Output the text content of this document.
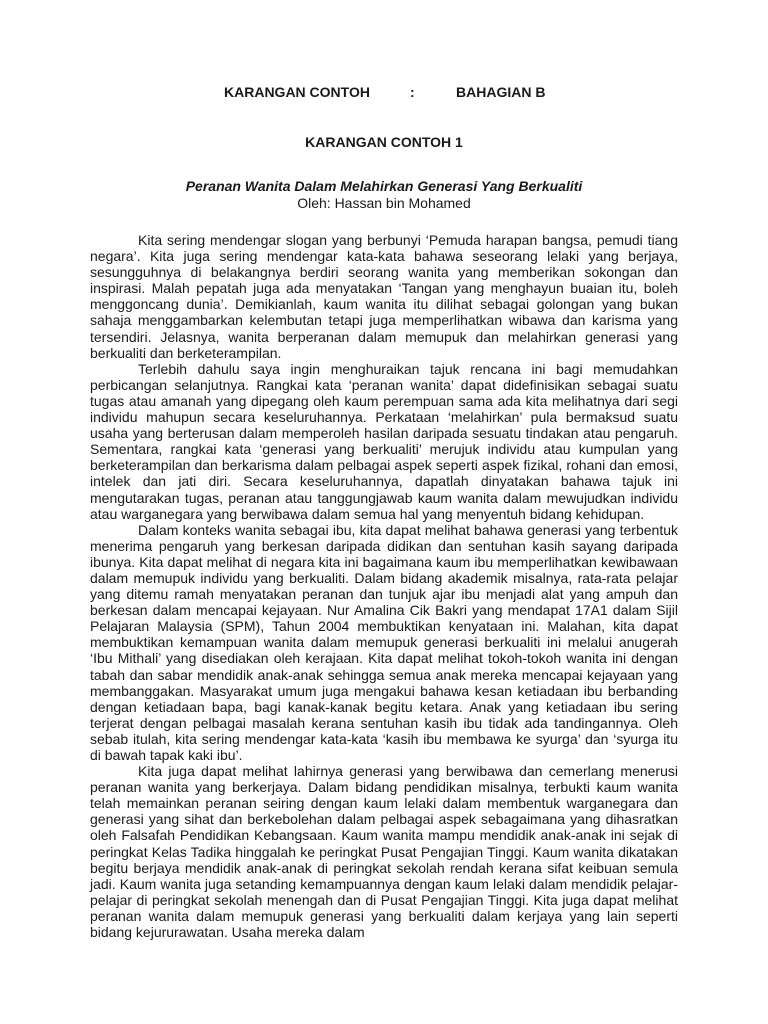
KARANGAN CONTOH	:	BAHAGIAN B
KARANGAN CONTOH 1
Peranan Wanita Dalam Melahirkan Generasi Yang Berkualiti
Oleh: Hassan bin Mohamed

Kita sering mendengar slogan yang berbunyi ‘Pemuda harapan bangsa, pemudi tiang negara’. Kita juga sering mendengar kata-kata bahawa seseorang lelaki yang berjaya, sesungguhnya di belakangnya berdiri seorang wanita yang memberikan sokongan dan inspirasi. Malah pepatah juga ada menyatakan ‘Tangan yang menghayun buaian itu, boleh menggoncang dunia’. Demikianlah, kaum wanita itu dilihat sebagai golongan yang bukan sahaja menggambarkan kelembutan tetapi juga memperlihatkan wibawa dan karisma yang tersendiri. Jelasnya, wanita berperanan dalam memupuk dan melahirkan generasi yang berkualiti dan berketerampilan.

Terlebih dahulu saya ingin menghuraikan tajuk rencana ini bagi memudahkan perbicangan selanjutnya. Rangkai kata ‘peranan wanita’ dapat didefinisikan sebagai suatu tugas atau amanah yang dipegang oleh kaum perempuan sama ada kita melihatnya dari segi individu mahupun secara keseluruhannya. Perkataan ‘melahirkan’ pula bermaksud suatu usaha yang berterusan dalam memperoleh hasilan daripada sesuatu tindakan atau pengaruh. Sementara, rangkai kata ‘generasi yang berkualiti’ merujuk individu atau kumpulan yang berketerampilan dan berkarisma dalam pelbagai aspek seperti aspek fizikal, rohani dan emosi, intelek dan jati diri. Secara keseluruhannya, dapatlah dinyatakan bahawa tajuk ini mengutarakan tugas, peranan atau tanggungjawab kaum wanita dalam mewujudkan individu atau warganegara yang berwibawa dalam semua hal yang menyentuh bidang kehidupan.

Dalam konteks wanita sebagai ibu, kita dapat melihat bahawa generasi yang terbentuk menerima pengaruh yang berkesan daripada didikan dan sentuhan kasih sayang daripada ibunya. Kita dapat melihat di negara kita ini bagaimana kaum ibu memperlihatkan kewibawaan dalam memupuk individu yang berkualiti. Dalam bidang akademik misalnya, rata-rata pelajar yang ditemu ramah menyatakan peranan dan tunjuk ajar ibu menjadi alat yang ampuh dan berkesan dalam mencapai kejayaan. Nur Amalina Cik Bakri yang mendapat 17A1 dalam Sijil Pelajaran Malaysia (SPM), Tahun 2004 membuktikan kenyataan ini. Malahan, kita dapat membuktikan kemampuan wanita dalam memupuk generasi berkualiti ini melalui anugerah ‘Ibu Mithali’ yang disediakan oleh kerajaan. Kita dapat melihat tokoh-tokoh wanita ini dengan tabah dan sabar mendidik anak-anak sehingga semua anak mereka mencapai kejayaan yang membanggakan. Masyarakat umum juga mengakui bahawa kesan ketiadaan ibu berbanding dengan ketiadaan bapa, bagi kanak-kanak begitu ketara. Anak yang ketiadaan ibu sering terjerat dengan pelbagai masalah kerana sentuhan kasih ibu tidak ada tandingannya. Oleh sebab itulah, kita sering mendengar kata-kata ‘kasih ibu membawa ke syurga’ dan ‘syurga itu di bawah tapak kaki ibu’.

Kita juga dapat melihat lahirnya generasi yang berwibawa dan cemerlang menerusi peranan wanita yang berkerjaya. Dalam bidang pendidikan misalnya, terbukti kaum wanita telah memainkan peranan seiring dengan kaum lelaki dalam membentuk warganegara dan generasi yang sihat dan berkebolehan dalam pelbagai aspek sebagaimana yang dihasratkan oleh Falsafah Pendidikan Kebangsaan. Kaum wanita mampu mendidik anak-anak ini sejak di peringkat Kelas Tadika hinggalah ke peringkat Pusat Pengajian Tinggi. Kaum wanita dikatakan begitu berjaya mendidik anak-anak di peringkat sekolah rendah kerana sifat keibuan semula jadi. Kaum wanita juga setanding kemampuannya dengan kaum lelaki dalam mendidik pelajar-pelajar di peringkat sekolah menengah dan di Pusat Pengajian Tinggi. Kita juga dapat melihat peranan wanita dalam memupuk generasi yang berkualiti dalam kerjaya yang lain seperti bidang kejururawatan. Usaha mereka dalam
